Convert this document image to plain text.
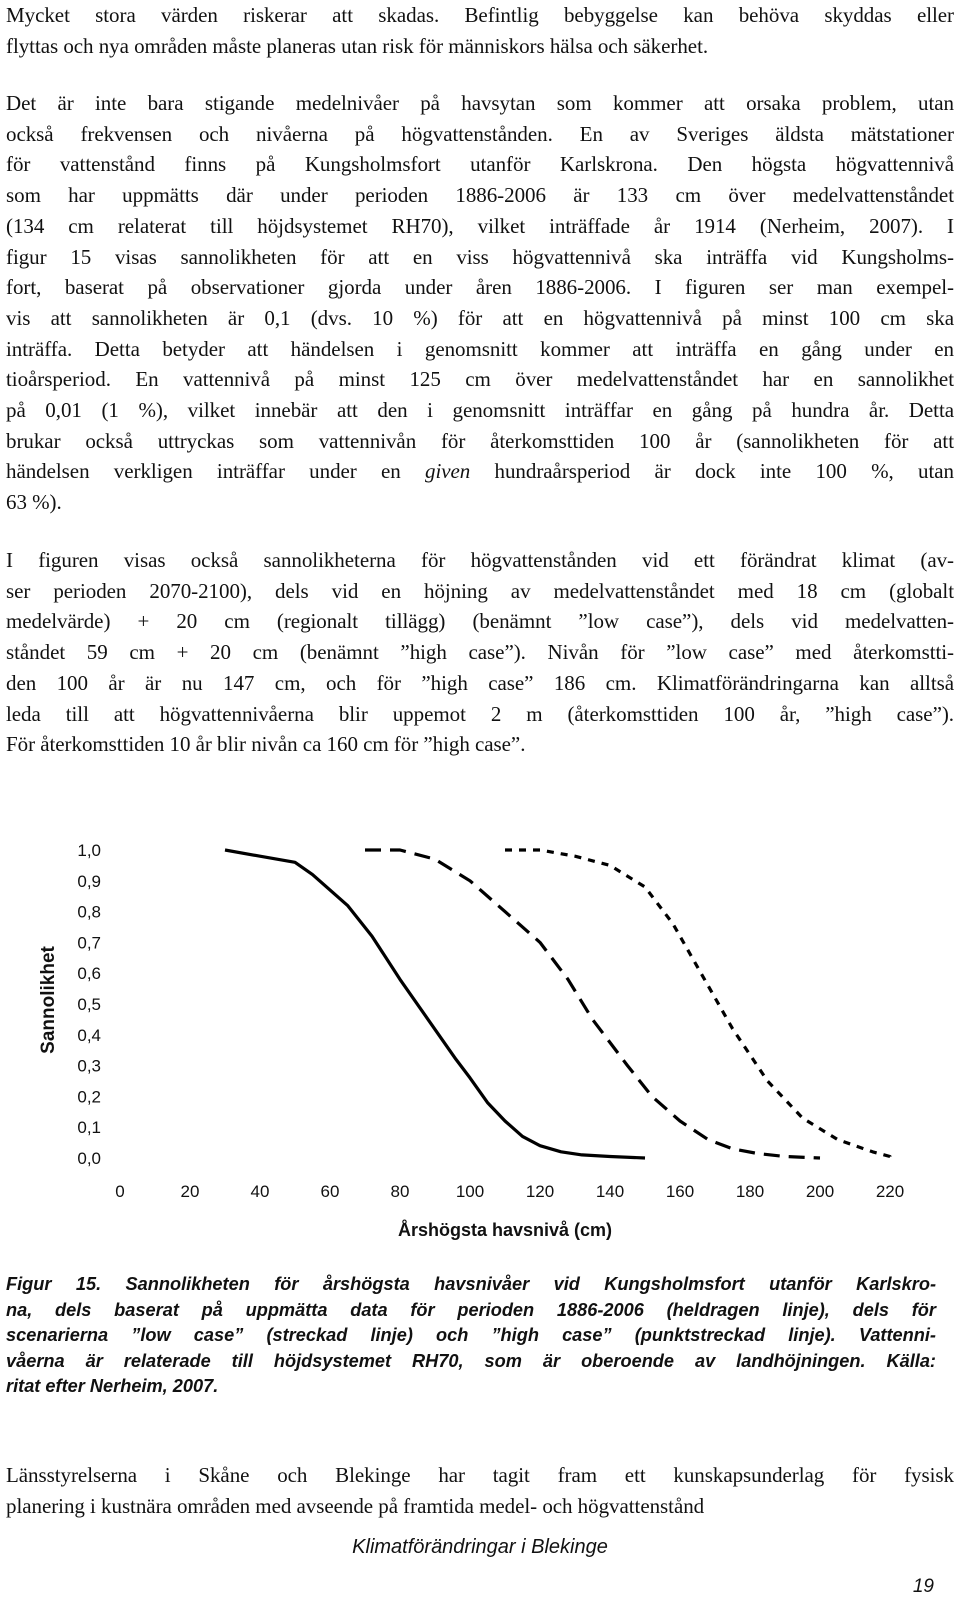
Mycket stora värden riskerar att skadas. Befintlig bebyggelse kan behöva skyddas eller
flyttas och nya områden måste planeras utan risk för människors hälsa och säkerhet.
Det är inte bara stigande medelnivåer på havsytan som kommer att orsaka problem, utan
också frekvensen och nivåerna på högvattenstånden. En av Sveriges äldsta mätstationer
för vattenstånd finns på Kungsholmsfort utanför Karlskrona. Den högsta högvattennivå
som har uppmätts där under perioden 1886-2006 är 133 cm över medelvattenståndet
(134 cm relaterat till höjdsystemet RH70), vilket inträffade år 1914 (Nerheim, 2007). I
figur 15 visas sannolikheten för att en viss högvattennivå ska inträffa vid Kungsholms-
fort, baserat på observationer gjorda under åren 1886-2006. I figuren ser man exempel-
vis att sannolikheten är 0,1 (dvs. 10 %) för att en högvattennivå på minst 100 cm ska
inträffa. Detta betyder att händelsen i genomsnitt kommer att inträffa en gång under en
tioårsperiod. En vattennivå på minst 125 cm över medelvattenståndet har en sannolikhet
på 0,01 (1 %), vilket innebär att den i genomsnitt inträffar en gång på hundra år. Detta
brukar också uttryckas som vattennivån för återkomsttiden 100 år (sannolikheten för att
händelsen verkligen inträffar under en given hundraårsperiod är dock inte 100 %, utan
63 %).
I figuren visas också sannolikheterna för högvattenstånden vid ett förändrat klimat (av-
ser perioden 2070-2100), dels vid en höjning av medelvattenståndet med 18 cm (globalt
medelvärde) + 20 cm (regionalt tillägg) (benämnt ”low case”), dels vid medelvatten-
ståndet 59 cm + 20 cm (benämnt ”high case”). Nivån för ”low case” med återkomstti-
den 100 år är nu 147 cm, och för ”high case” 186 cm. Klimatförändringarna kan alltså
leda till att högvattennivåerna blir uppemot 2 m (återkomsttiden 100 år, ”high case”).
För återkomsttiden 10 år blir nivån ca 160 cm för ”high case”.
Sannolikhet
0,0
0,1
0,2
0,3
0,4
0,5
0,6
0,7
0,8
0,9
1,0
0	20	40	60	80	100 120 140 160 180 200 220
Årshögsta havsnivå (cm)
Figur 15. Sannolikheten för årshögsta havsnivåer vid Kungsholmsfort utanför Karlskro-
na, dels baserat på uppmätta data för perioden 1886-2006 (heldragen linje), dels för
scenarierna ”low case” (streckad linje) och ”high case” (punktstreckad linje). Vattenni-
våerna är relaterade till höjdsystemet RH70, som är oberoende av landhöjningen. Källa:
ritat efter Nerheim, 2007.
Länsstyrelserna i Skåne och Blekinge har tagit fram ett kunskapsunderlag för fysisk
planering i kustnära områden med avseende på framtida medel- och högvattenstånd
Klimatförändringar i Blekinge
19
